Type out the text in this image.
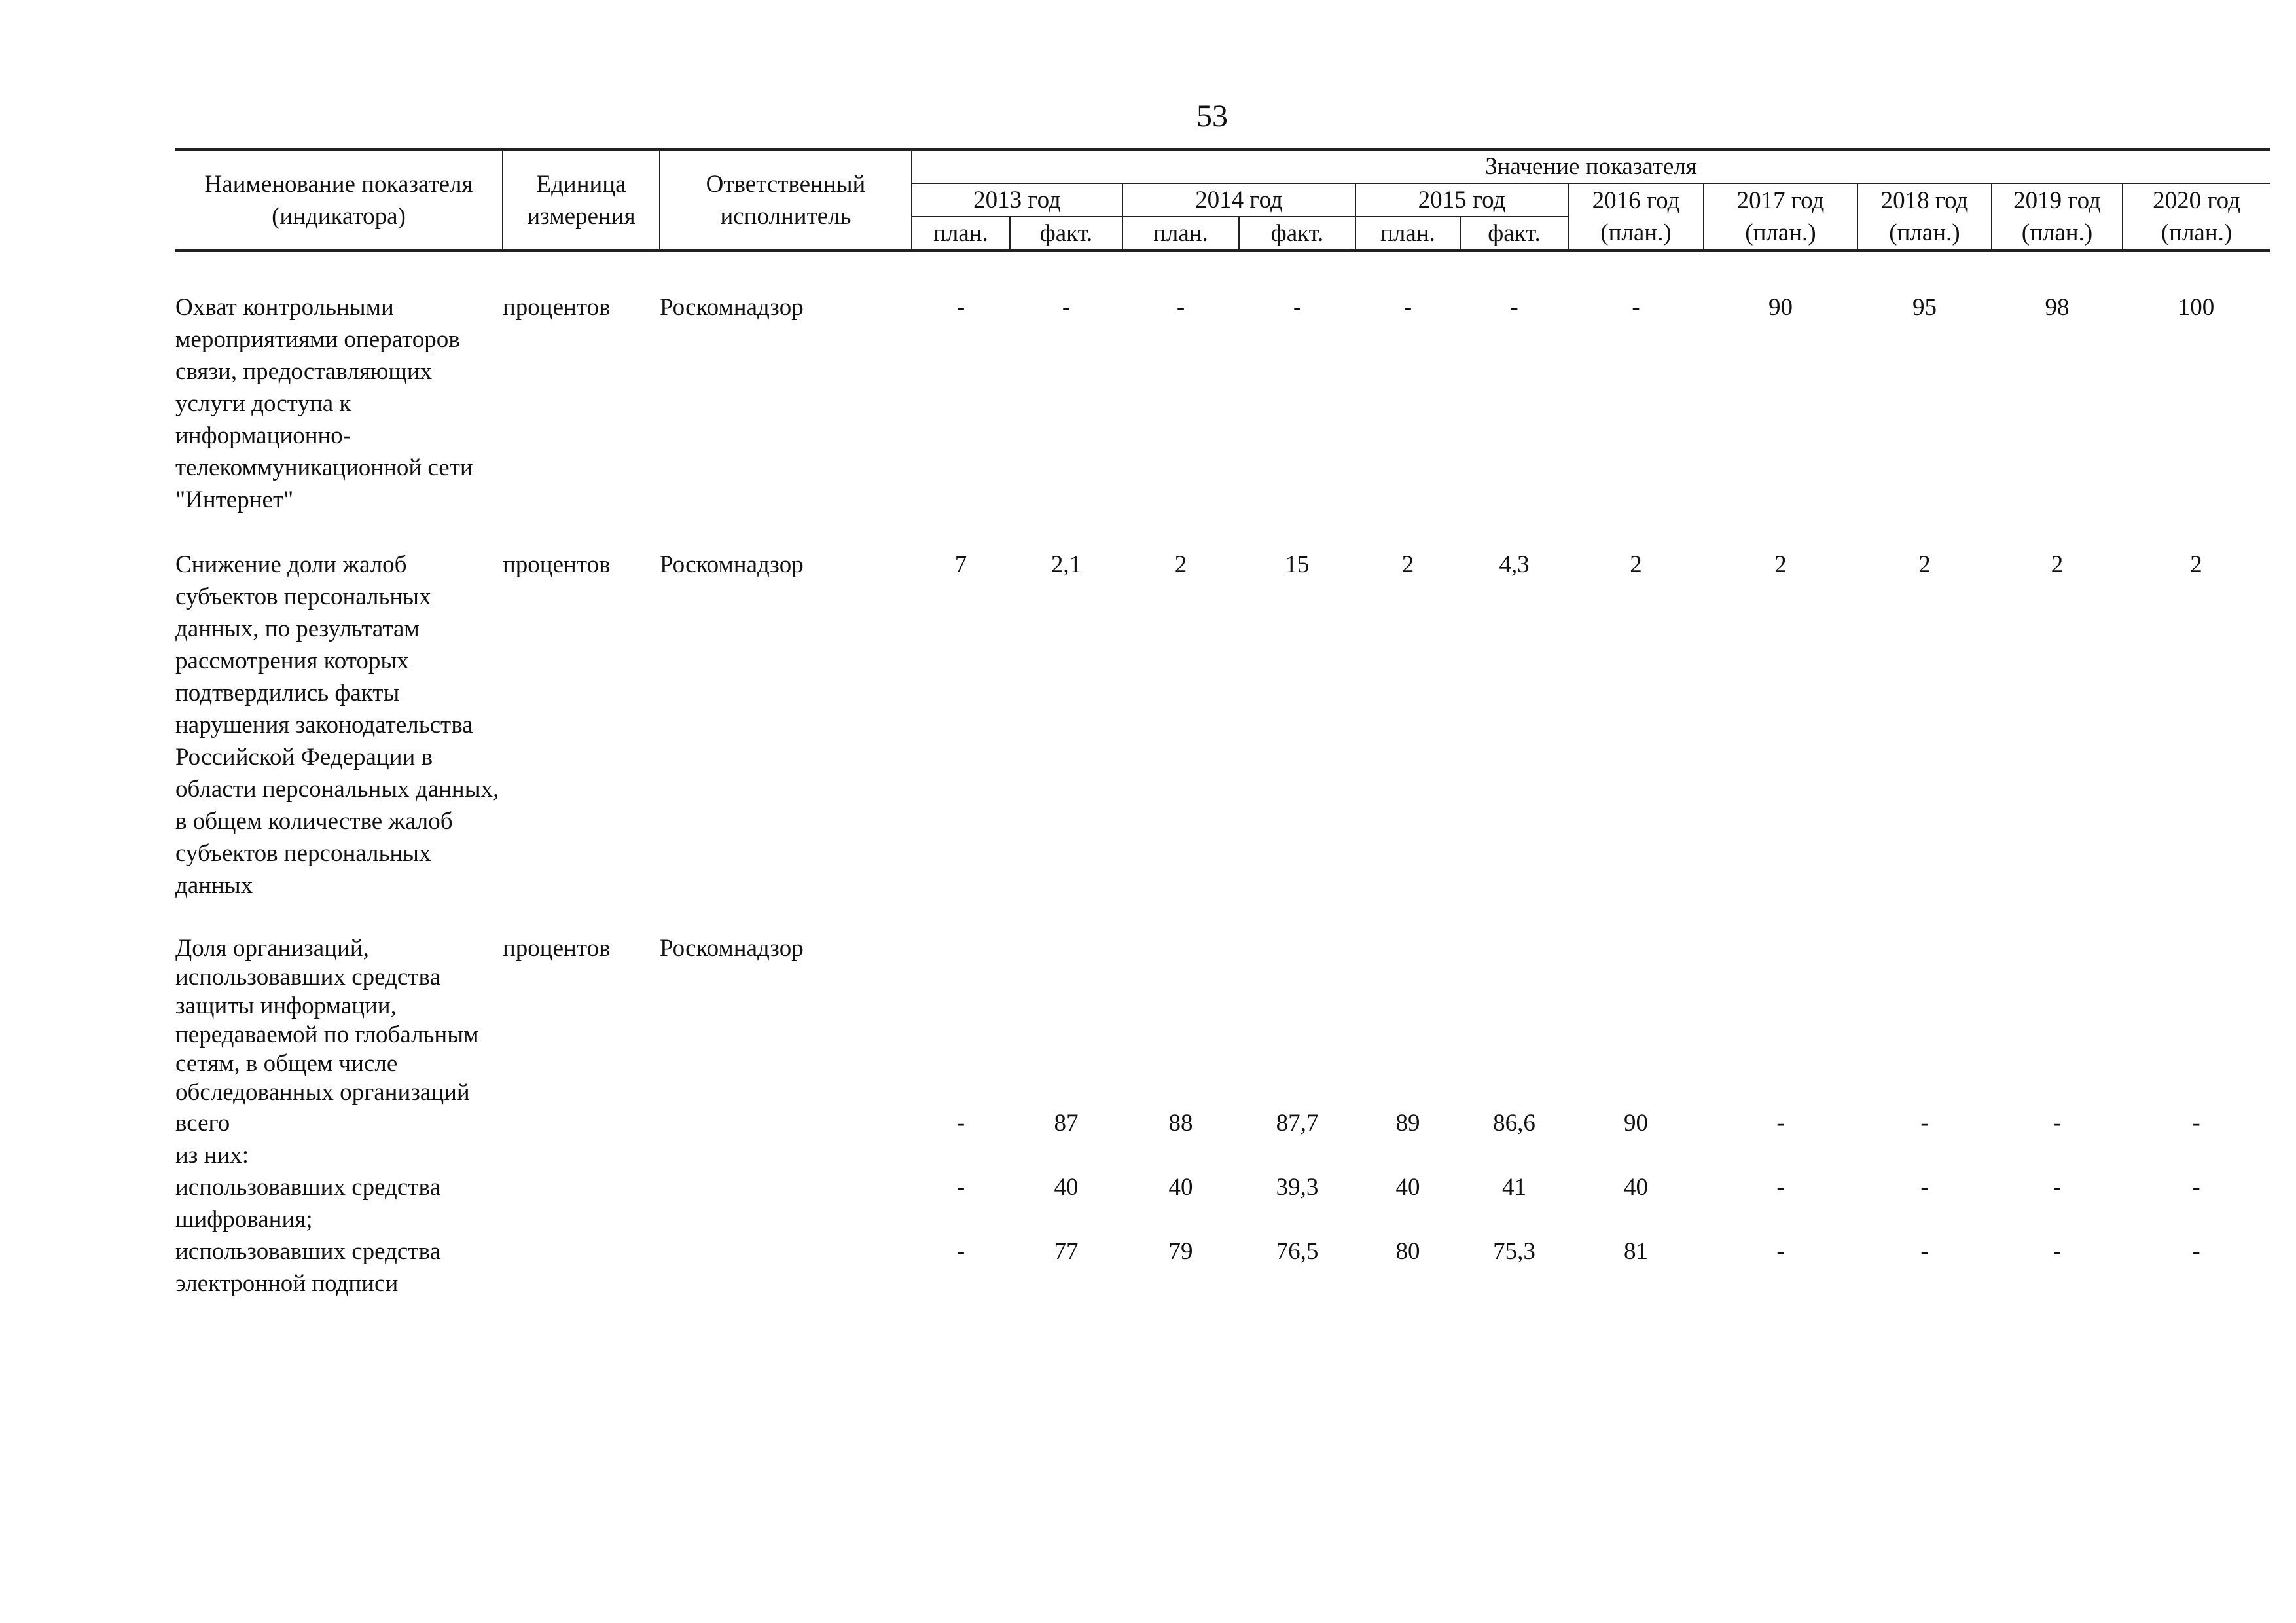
53
Наименование показателя (индикатора)	Единица измерения	Ответственный исполнитель	Значение показателя										
			2013 год		2014 год		2015 год		2016 год (план.)	2017 год (план.)	2018 год (план.)	2019 год (план.)	2020 год (план.)
			план.	факт.	план.	факт.	план.	факт.					

Охват контрольными мероприятиями операторов связи, предоставляющих услуги доступа к информационно-телекоммуникационной сети "Интернет"	процентов	Роскомнадзор	-	-	-	-	-	-	-	90	95	98	100

Снижение доли жалоб субъектов персональных данных, по результатам рассмотрения которых подтвердились факты нарушения законодательства Российской Федерации в области персональных данных, в общем количестве жалоб субъектов персональных данных	процентов	Роскомнадзор	7	2,1	2	15	2	4,3	2	2	2	2	2

Доля организаций, использовавших средства защиты информации, передаваемой по глобальным сетям, в общем числе обследованных организаций	процентов	Роскомнадзор											
всего			-	87	88	87,7	89	86,6	90	-	-	-	-
из них:													
использовавших средства шифрования;			-	40	40	39,3	40	41	40	-	-	-	-
использовавших средства электронной подписи			-	77	79	76,5	80	75,3	81	-	-	-	-
